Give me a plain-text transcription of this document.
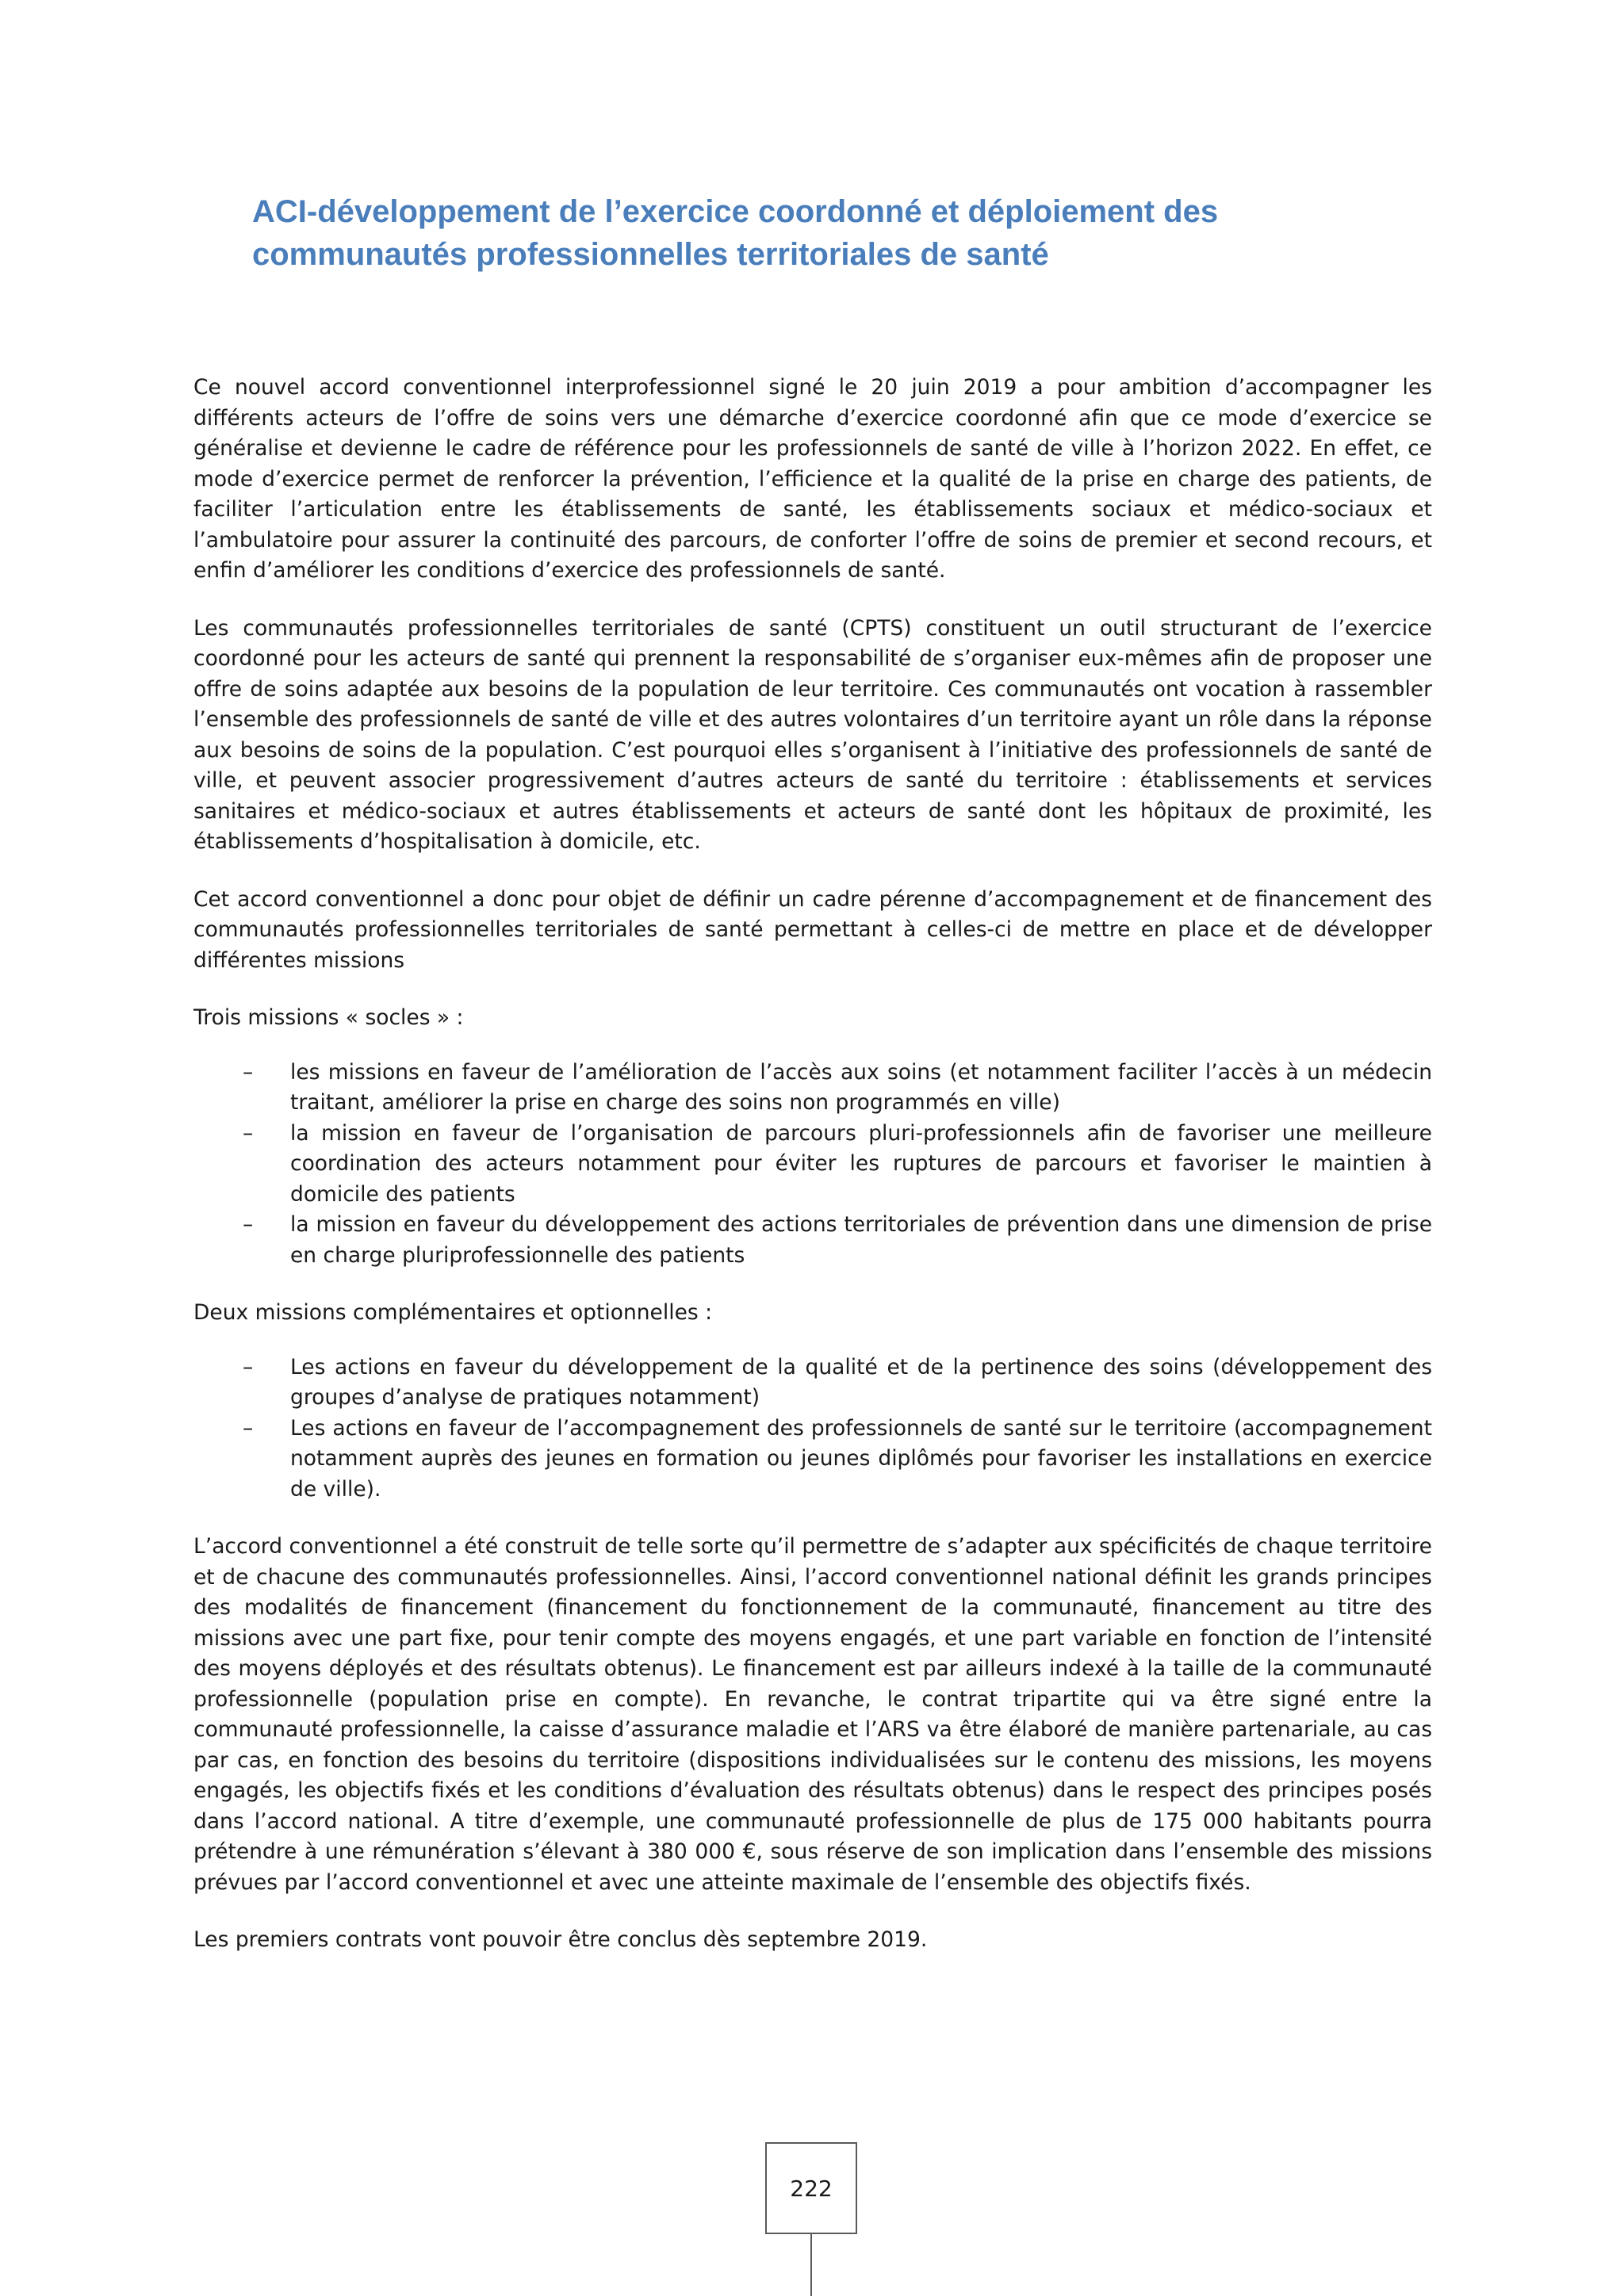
ACI-développement de l’exercice coordonné et déploiement des
communautés professionnelles territoriales de santé

Ce nouvel accord conventionnel interprofessionnel signé le 20 juin 2019 a pour ambition d’accompagner les différents acteurs de l’offre de soins vers une démarche d’exercice coordonné afin que ce mode d’exercice se généralise et devienne le cadre de référence pour les professionnels de santé de ville à l’horizon 2022. En effet, ce mode d’exercice permet de renforcer la prévention, l’efficience et la qualité de la prise en charge des patients, de faciliter l’articulation entre les établissements de santé, les établissements sociaux et médico-sociaux et l’ambulatoire pour assurer la continuité des parcours, de conforter l’offre de soins de premier et second recours, et enfin d’améliorer les conditions d’exercice des professionnels de santé.

Les communautés professionnelles territoriales de santé (CPTS) constituent un outil structurant de l’exercice coordonné pour les acteurs de santé qui prennent la responsabilité de s’organiser eux-mêmes afin de proposer une offre de soins adaptée aux besoins de la population de leur territoire. Ces communautés ont vocation à rassembler l’ensemble des professionnels de santé de ville et des autres volontaires d’un territoire ayant un rôle dans la réponse aux besoins de soins de la population. C’est pourquoi elles s’organisent à l’initiative des professionnels de santé de ville, et peuvent associer progressivement d’autres acteurs de santé du territoire : établissements et services sanitaires et médico-sociaux et autres établissements et acteurs de santé dont les hôpitaux de proximité, les établissements d’hospitalisation à domicile, etc.

Cet accord conventionnel a donc pour objet de définir un cadre pérenne d’accompagnement et de financement des communautés professionnelles territoriales de santé permettant à celles-ci de mettre en place et de développer différentes missions

Trois missions « socles » :

– les missions en faveur de l’amélioration de l’accès aux soins (et notamment faciliter l’accès à un médecin traitant, améliorer la prise en charge des soins non programmés en ville)
– la mission en faveur de l’organisation de parcours pluri-professionnels afin de favoriser une meilleure coordination des acteurs notamment pour éviter les ruptures de parcours et favoriser le maintien à domicile des patients
– la mission en faveur du développement des actions territoriales de prévention dans une dimension de prise en charge pluriprofessionnelle des patients

Deux missions complémentaires et optionnelles :

– Les actions en faveur du développement de la qualité et de la pertinence des soins (développement des groupes d’analyse de pratiques notamment)
– Les actions en faveur de l’accompagnement des professionnels de santé sur le territoire (accompagnement notamment auprès des jeunes en formation ou jeunes diplômés pour favoriser les installations en exercice de ville).

L’accord conventionnel a été construit de telle sorte qu’il permettre de s’adapter aux spécificités de chaque territoire et de chacune des communautés professionnelles. Ainsi, l’accord conventionnel national définit les grands principes des modalités de financement (financement du fonctionnement de la communauté, financement au titre des missions avec une part fixe, pour tenir compte des moyens engagés, et une part variable en fonction de l’intensité des moyens déployés et des résultats obtenus). Le financement est par ailleurs indexé à la taille de la communauté professionnelle (population prise en compte). En revanche, le contrat tripartite qui va être signé entre la communauté professionnelle, la caisse d’assurance maladie et l’ARS va être élaboré de manière partenariale, au cas par cas, en fonction des besoins du territoire (dispositions individualisées sur le contenu des missions, les moyens engagés, les objectifs fixés et les conditions d’évaluation des résultats obtenus) dans le respect des principes posés dans l’accord national. A titre d’exemple, une communauté professionnelle de plus de 175 000 habitants pourra prétendre à une rémunération s’élevant à 380 000 €, sous réserve de son implication dans l’ensemble des missions prévues par l’accord conventionnel et avec une atteinte maximale de l’ensemble des objectifs fixés.

Les premiers contrats vont pouvoir être conclus dès septembre 2019.

222
